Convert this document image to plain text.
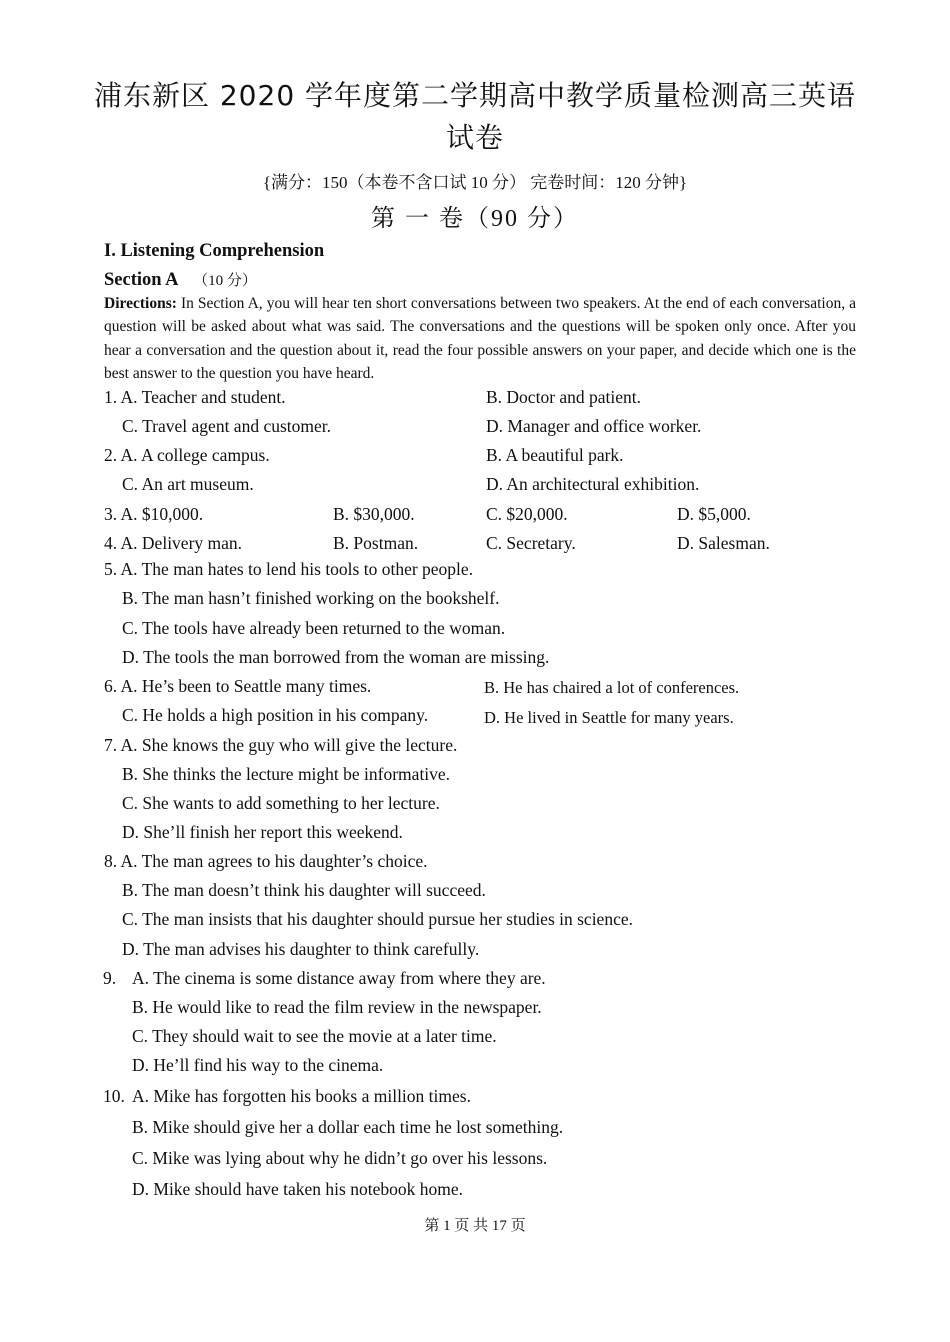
浦东新区 2020 学年度第二学期高中教学质量检测高三英语
试卷
{满分：150（本卷不含口试 10 分） 完卷时间：120 分钟}
第 一 卷（90 分）
I. Listening Comprehension
Section A （10 分）
Directions: In Section A, you will hear ten short conversations between two speakers. At the end of each conversation, a question will be asked about what was said. The conversations and the questions will be spoken only once. After you hear a conversation and the question about it, read the four possible answers on your paper, and decide which one is the best answer to the question you have heard.
1. A. Teacher and student.	B. Doctor and patient.
C. Travel agent and customer.	D. Manager and office worker.
2. A. A college campus.	B. A beautiful park.
C. An art museum.	D. An architectural exhibition.
3. A. $10,000.	B. $30,000.	C. $20,000.	D. $5,000.
4. A. Delivery man.	B. Postman.	C. Secretary.	D. Salesman.
5. A. The man hates to lend his tools to other people.
B. The man hasn’t finished working on the bookshelf.
C. The tools have already been returned to the woman.
D. The tools the man borrowed from the woman are missing.
6. A. He’s been to Seattle many times.	B. He has chaired a lot of conferences.
C. He holds a high position in his company.	D. He lived in Seattle for many years.
7. A. She knows the guy who will give the lecture.
B. She thinks the lecture might be informative.
C. She wants to add something to her lecture.
D. She’ll finish her report this weekend.
8. A. The man agrees to his daughter’s choice.
B. The man doesn’t think his daughter will succeed.
C. The man insists that his daughter should pursue her studies in science.
D. The man advises his daughter to think carefully.
9. A. The cinema is some distance away from where they are.
B. He would like to read the film review in the newspaper.
C. They should wait to see the movie at a later time.
D. He’ll find his way to the cinema.
10. A. Mike has forgotten his books a million times.
B. Mike should give her a dollar each time he lost something.
C. Mike was lying about why he didn’t go over his lessons.
D. Mike should have taken his notebook home.
第 1 页 共 17 页
